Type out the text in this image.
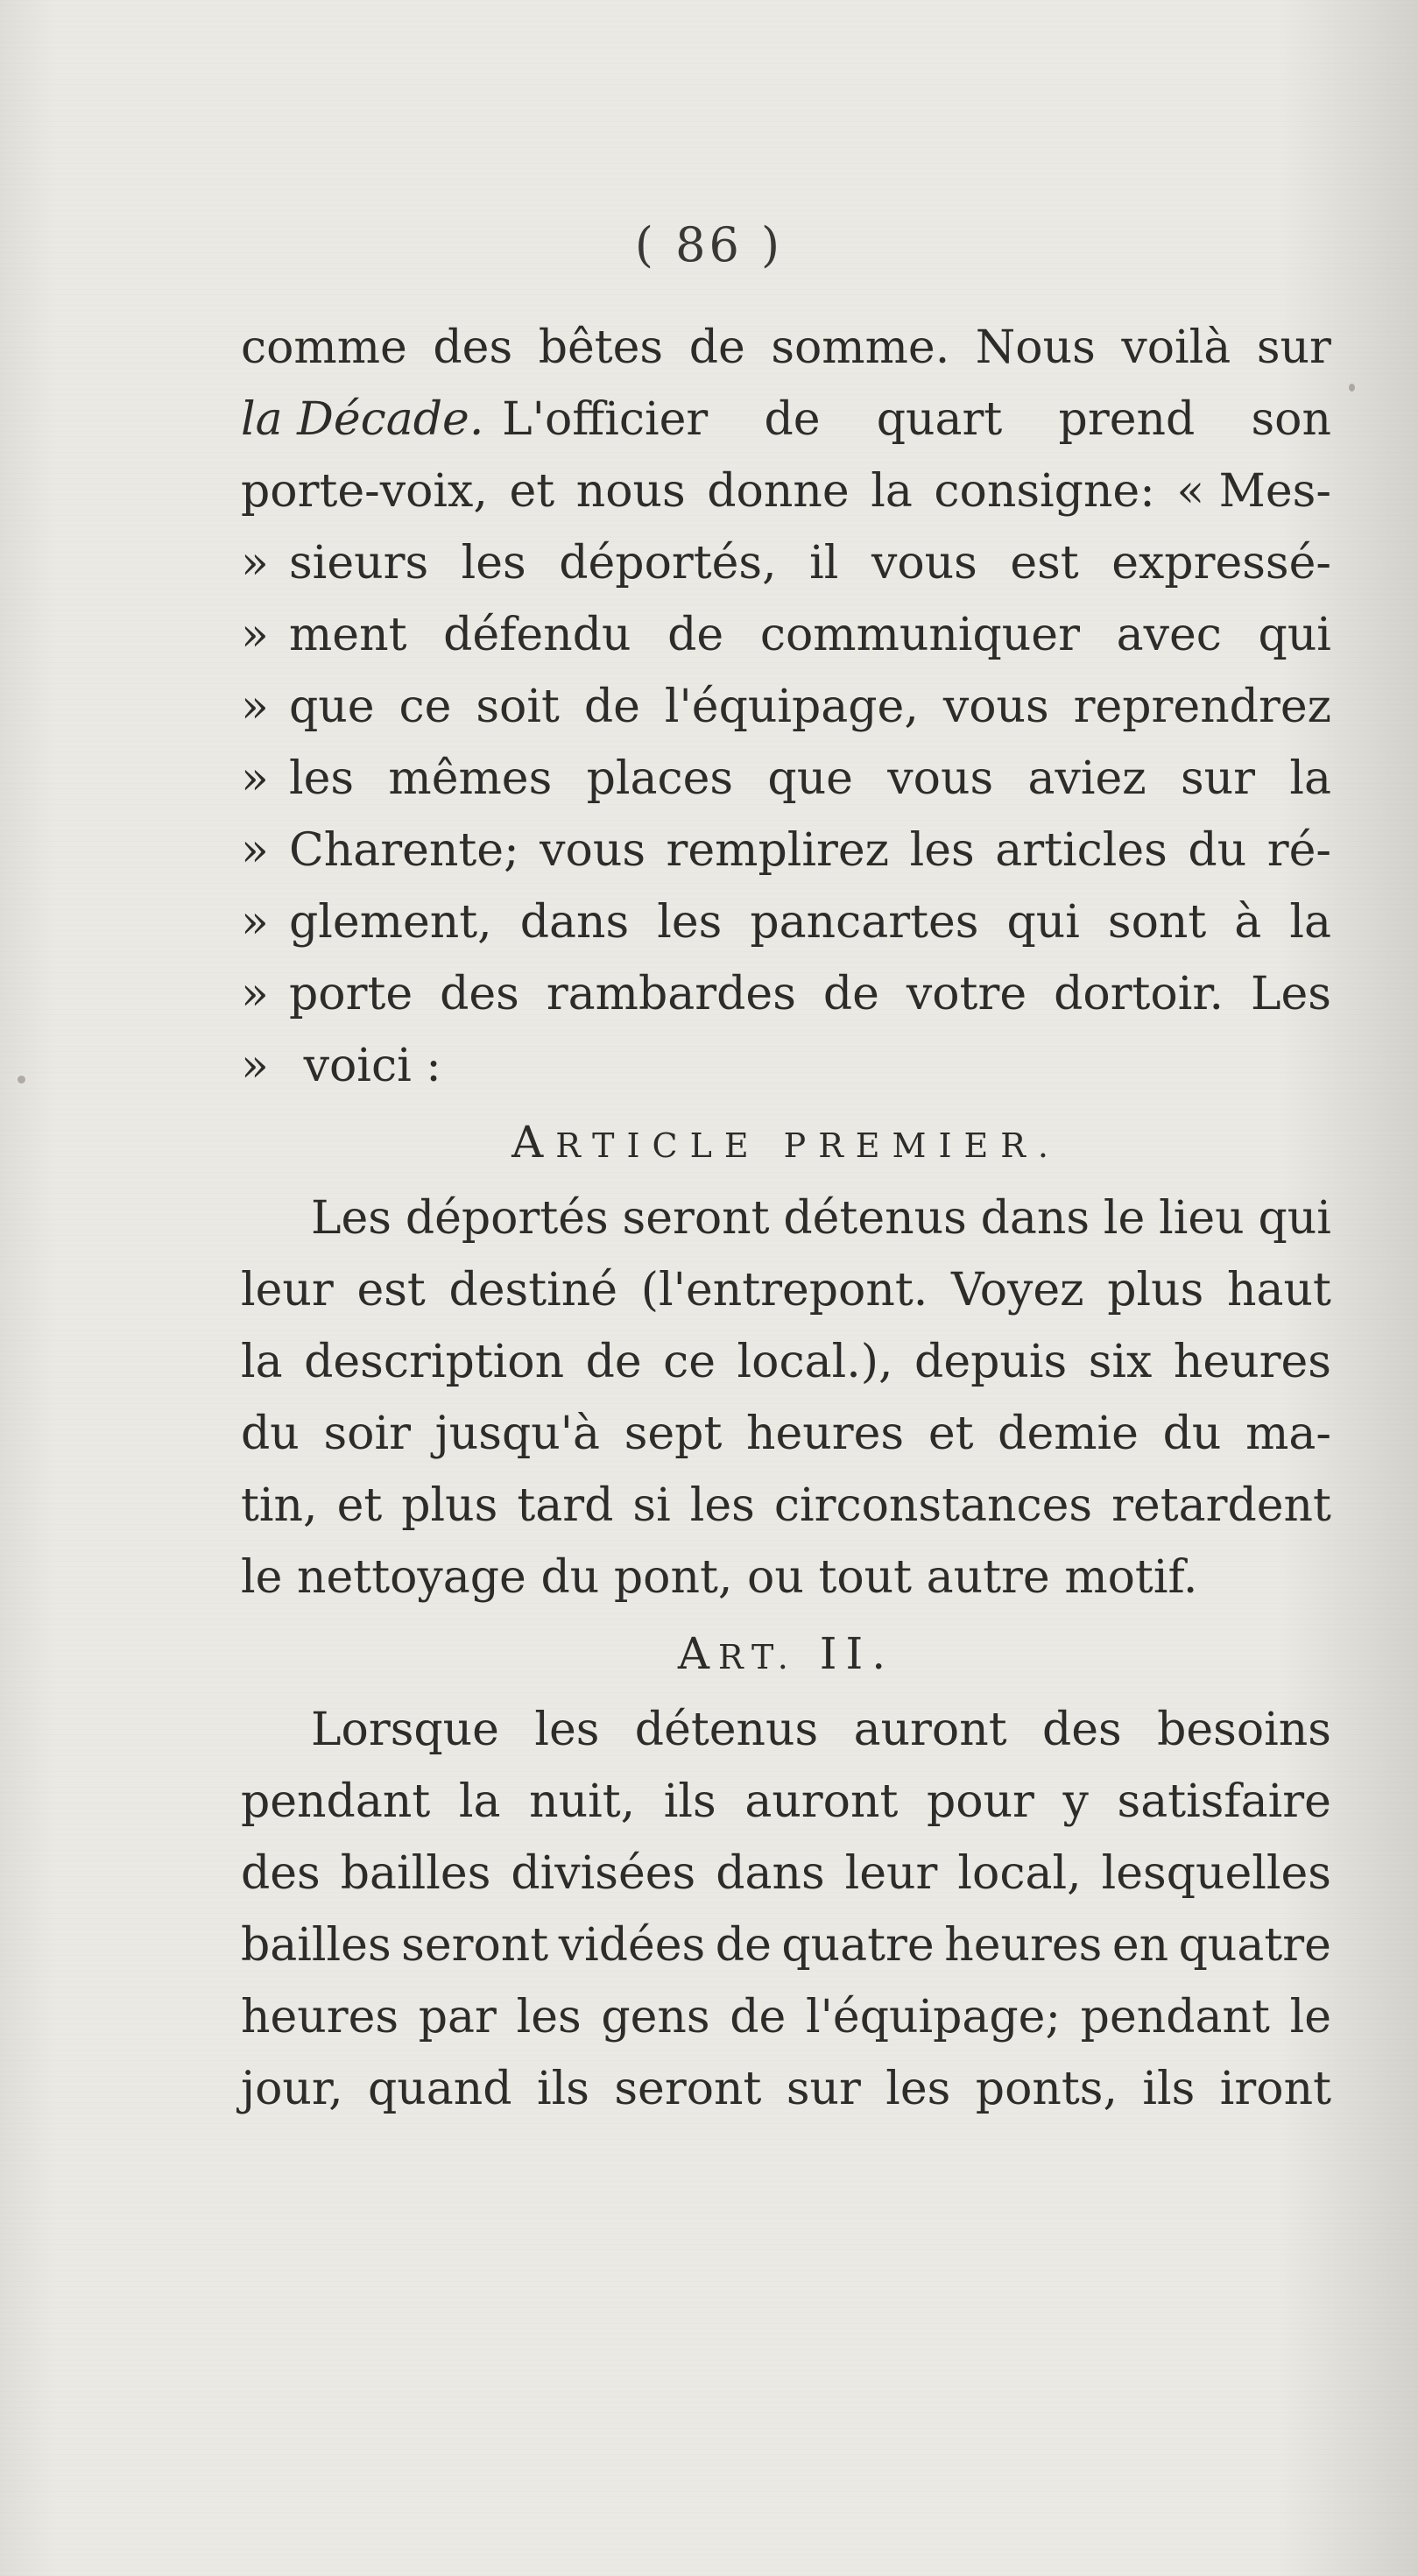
( 86 )
comme des bêtes de somme. Nous voilà sur
la Décade. L'officier de quart prend son
porte-voix, et nous donne la consigne: « Mes-
» sieurs les déportés, il vous est expressé-
» ment défendu de communiquer avec qui
» que ce soit de l'équipage, vous reprendrez
» les mêmes places que vous aviez sur la
» Charente; vous remplirez les articles du ré-
» glement, dans les pancartes qui sont à la
» porte des rambardes de votre dortoir. Les
» voici :
ARTICLE PREMIER.
Les déportés seront détenus dans le lieu qui
leur est destiné (l'entrepont. Voyez plus haut
la description de ce local.), depuis six heures
du soir jusqu'à sept heures et demie du ma-
tin, et plus tard si les circonstances retardent
le nettoyage du pont, ou tout autre motif.
ART. II.
Lorsque les détenus auront des besoins
pendant la nuit, ils auront pour y satisfaire
des bailles divisées dans leur local, lesquelles
bailles seront vidées de quatre heures en quatre
heures par les gens de l'équipage; pendant le
jour, quand ils seront sur les ponts, ils iront
